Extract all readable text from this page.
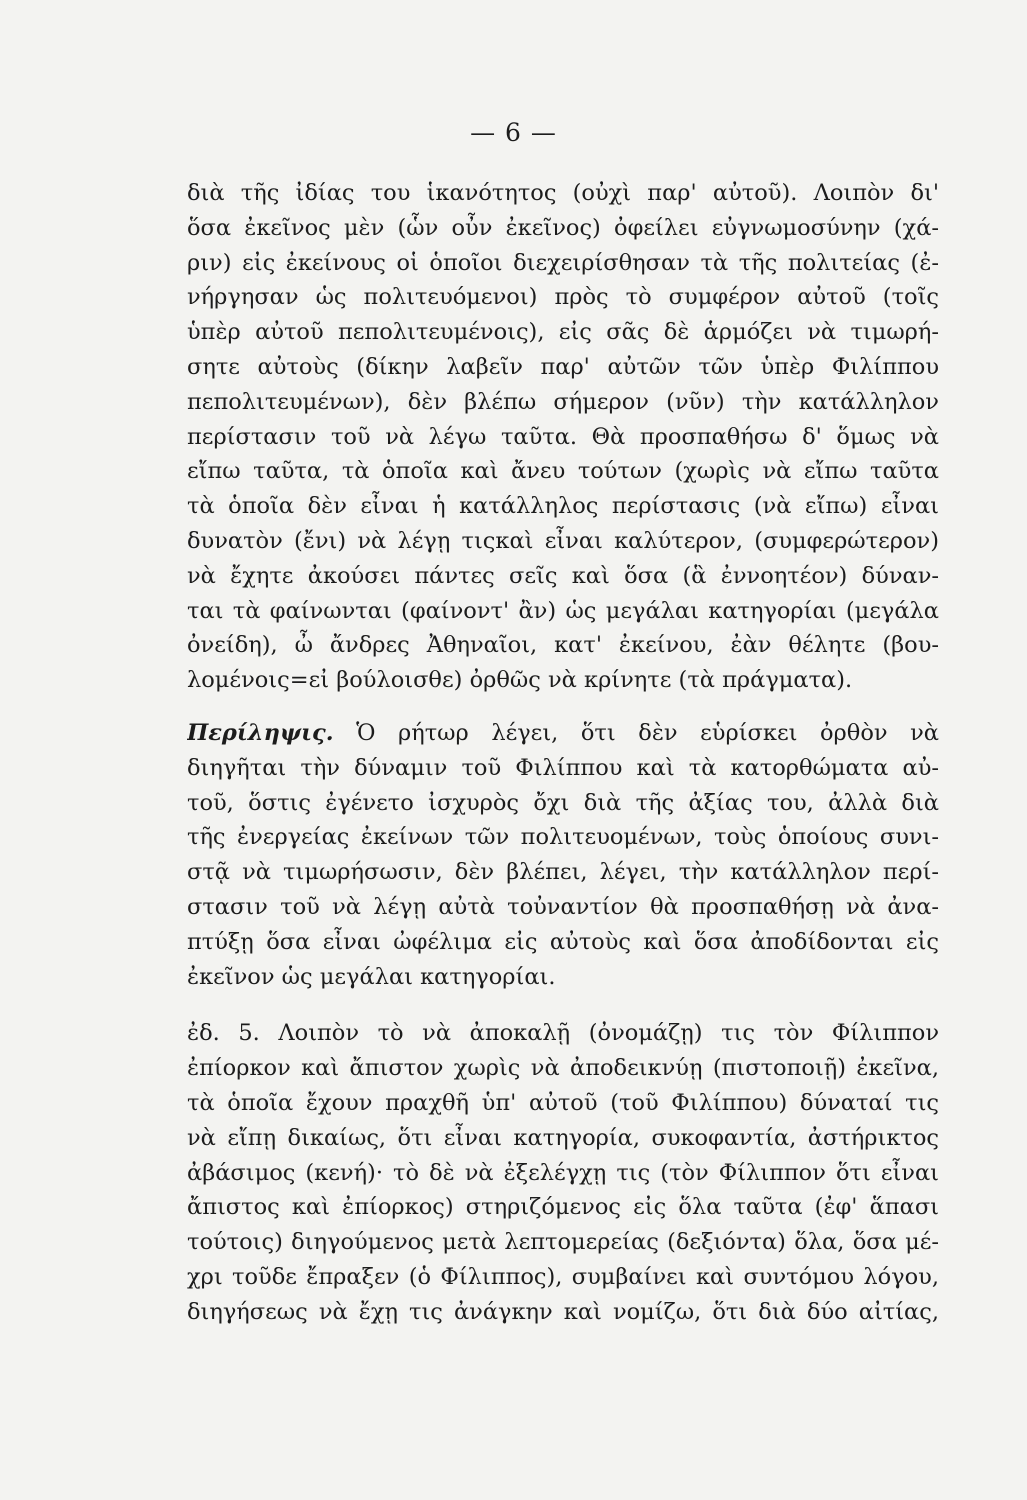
— 6 —
διὰ τῆς ἰδίας του ἱκανότητος (οὐχὶ παρ' αὐτοῦ). Λοιπὸν δι'
ὅσα ἐκεῖνος μὲν (ὧν οὖν ἐκεῖνος) ὀφείλει εὐγνωμοσύνην (χά-
ριν) εἰς ἐκείνους οἱ ὁποῖοι διεχειρίσθησαν τὰ τῆς πολιτείας (ἐ-
νήργησαν ὡς πολιτευόμενοι) πρὸς τὸ συμφέρον αὐτοῦ (τοῖς
ὑπὲρ αὐτοῦ πεπολιτευμένοις), εἰς σᾶς δὲ ἁρμόζει νὰ τιμωρή-
σητε αὐτοὺς (δίκην λαβεῖν παρ' αὐτῶν τῶν ὑπὲρ Φιλίππου
πεπολιτευμένων), δὲν βλέπω σήμερον (νῦν) τὴν κατάλληλον
περίστασιν τοῦ νὰ λέγω ταῦτα. Θὰ προσπαθήσω δ' ὅμως νὰ
εἴπω ταῦτα, τὰ ὁποῖα καὶ ἄνευ τούτων (χωρὶς νὰ εἴπω ταῦτα
τὰ ὁποῖα δὲν εἶναι ἡ κατάλληλος περίστασις (νὰ εἴπω) εἶναι
δυνατὸν (ἔνι) νὰ λέγῃ τιςκαὶ εἶναι καλύτερον, (συμφερώτερον)
νὰ ἔχητε ἀκούσει πάντες σεῖς καὶ ὅσα (ἃ ἐννοητέον) δύναν-
ται τὰ φαίνωνται (φαίνοντ' ἂν) ὡς μεγάλαι κατηγορίαι (μεγάλα
ὀνείδη), ὦ ἄνδρες Ἀθηναῖοι, κατ' ἐκείνου, ἐὰν θέλητε (βου-
λομένοις=εἰ βούλοισθε) ὀρθῶς νὰ κρίνητε (τὰ πράγματα).
Περίληψις. Ὁ ρήτωρ λέγει, ὅτι δὲν εὑρίσκει ὀρθὸν νὰ
διηγῆται τὴν δύναμιν τοῦ Φιλίππου καὶ τὰ κατορθώματα αὐ-
τοῦ, ὅστις ἐγένετο ἰσχυρὸς ὄχι διὰ τῆς ἀξίας του, ἀλλὰ διὰ
τῆς ἐνεργείας ἐκείνων τῶν πολιτευομένων, τοὺς ὁποίους συνι-
στᾷ νὰ τιμωρήσωσιν, δὲν βλέπει, λέγει, τὴν κατάλληλον περί-
στασιν τοῦ νὰ λέγῃ αὐτὰ τοὐναντίον θὰ προσπαθήσῃ νὰ ἀνα-
πτύξῃ ὅσα εἶναι ὠφέλιμα εἰς αὐτοὺς καὶ ὅσα ἀποδίδονται εἰς
ἐκεῖνον ὡς μεγάλαι κατηγορίαι.
ἐδ. 5. Λοιπὸν τὸ νὰ ἀποκαλῇ (ὀνομάζῃ) τις τὸν Φίλιππον
ἐπίορκον καὶ ἄπιστον χωρὶς νὰ ἀποδεικνύῃ (πιστοποιῇ) ἐκεῖνα,
τὰ ὁποῖα ἔχουν πραχθῆ ὑπ' αὐτοῦ (τοῦ Φιλίππου) δύναταί τις
νὰ εἴπῃ δικαίως, ὅτι εἶναι κατηγορία, συκοφαντία, ἀστήρικτος
ἀβάσιμος (κενή)· τὸ δὲ νὰ ἐξελέγχῃ τις (τὸν Φίλιππον ὅτι εἶναι
ἄπιστος καὶ ἐπίορκος) στηριζόμενος εἰς ὅλα ταῦτα (ἐφ' ἅπασι
τούτοις) διηγούμενος μετὰ λεπτομερείας (δεξιόντα) ὅλα, ὅσα μέ-
χρι τοῦδε ἔπραξεν (ὁ Φίλιππος), συμβαίνει καὶ συντόμου λόγου,
διηγήσεως νὰ ἔχῃ τις ἀνάγκην καὶ νομίζω, ὅτι διὰ δύο αἰτίας,
